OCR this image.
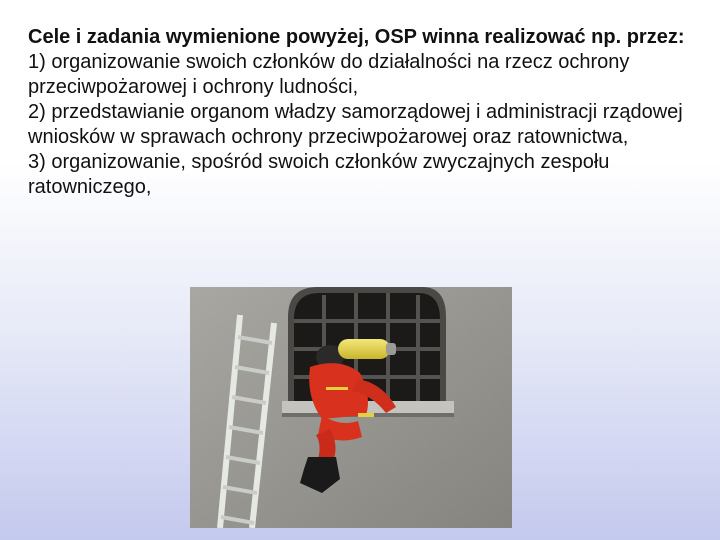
Cele i zadania wymienione powyżej, OSP winna realizować np. przez:
1) organizowanie swoich członków do działalności na rzecz ochrony przeciwpożarowej i ochrony ludności,
2) przedstawianie organom władzy samorządowej i administracji rządowej wniosków w sprawach ochrony przeciwpożarowej oraz ratownictwa,
3) organizowanie, spośród swoich członków zwyczajnych zespołu ratowniczego,
